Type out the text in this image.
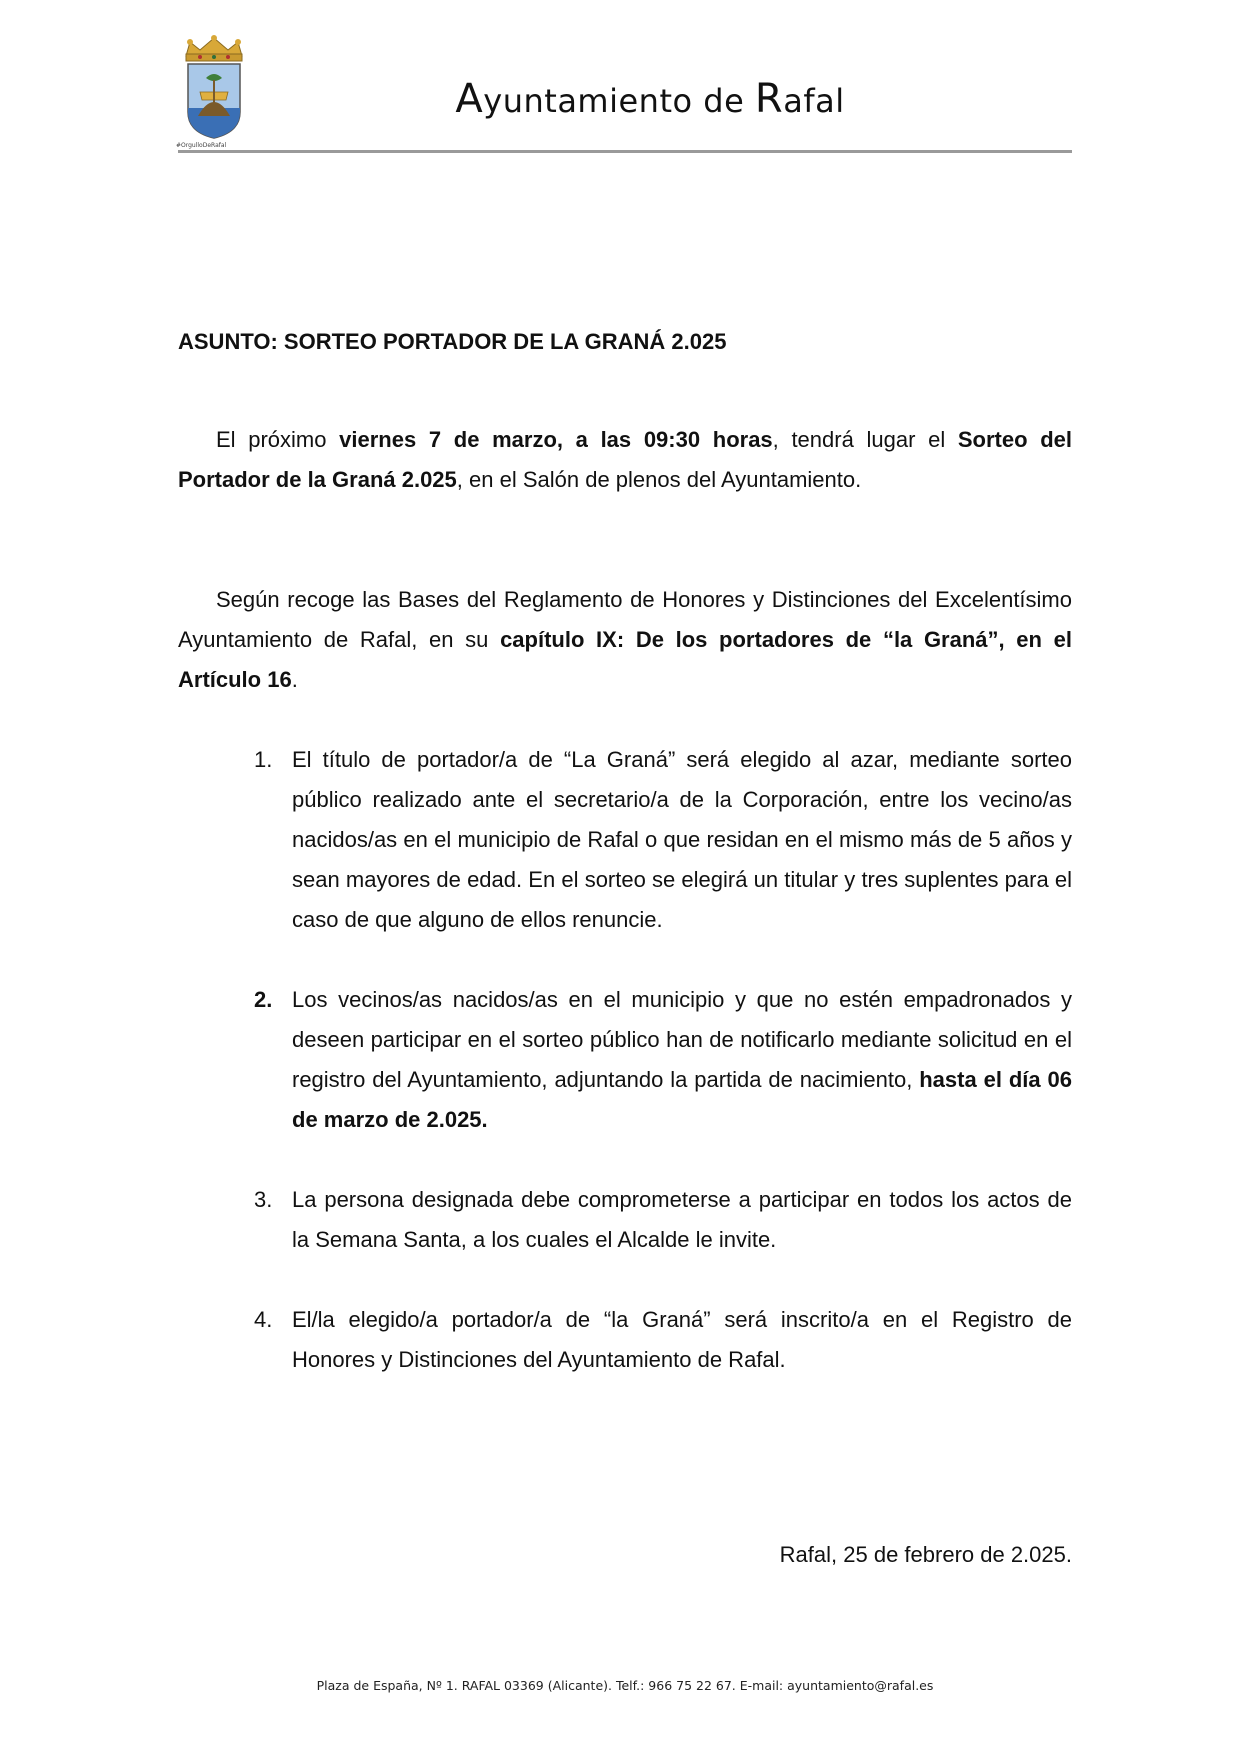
#OrgulloDeRafal
Ayuntamiento de Rafal
ASUNTO: SORTEO PORTADOR DE LA GRANÁ 2.025
El próximo viernes 7 de marzo, a las 09:30 horas, tendrá lugar el Sorteo del Portador de la Graná 2.025, en el Salón de plenos del Ayuntamiento.
Según recoge las Bases del Reglamento de Honores y Distinciones del Excelentísimo Ayuntamiento de Rafal, en su capítulo IX: De los portadores de “la Graná”, en el Artículo 16.
1. El título de portador/a de “La Graná” será elegido al azar, mediante sorteo público realizado ante el secretario/a de la Corporación, entre los vecino/as nacidos/as en el municipio de Rafal o que residan en el mismo más de 5 años y sean mayores de edad. En el sorteo se elegirá un titular y tres suplentes para el caso de que alguno de ellos renuncie.
2. Los vecinos/as nacidos/as en el municipio y que no estén empadronados y deseen participar en el sorteo público han de notificarlo mediante solicitud en el registro del Ayuntamiento, adjuntando la partida de nacimiento, hasta el día 06 de marzo de 2.025.
3. La persona designada debe comprometerse a participar en todos los actos de la Semana Santa, a los cuales el Alcalde le invite.
4. El/la elegido/a portador/a de “la Graná” será inscrito/a en el Registro de Honores y Distinciones del Ayuntamiento de Rafal.
Rafal, 25 de febrero de 2.025.
Plaza de España, Nº 1. RAFAL 03369 (Alicante). Telf.: 966 75 22 67. E-mail: ayuntamiento@rafal.es
